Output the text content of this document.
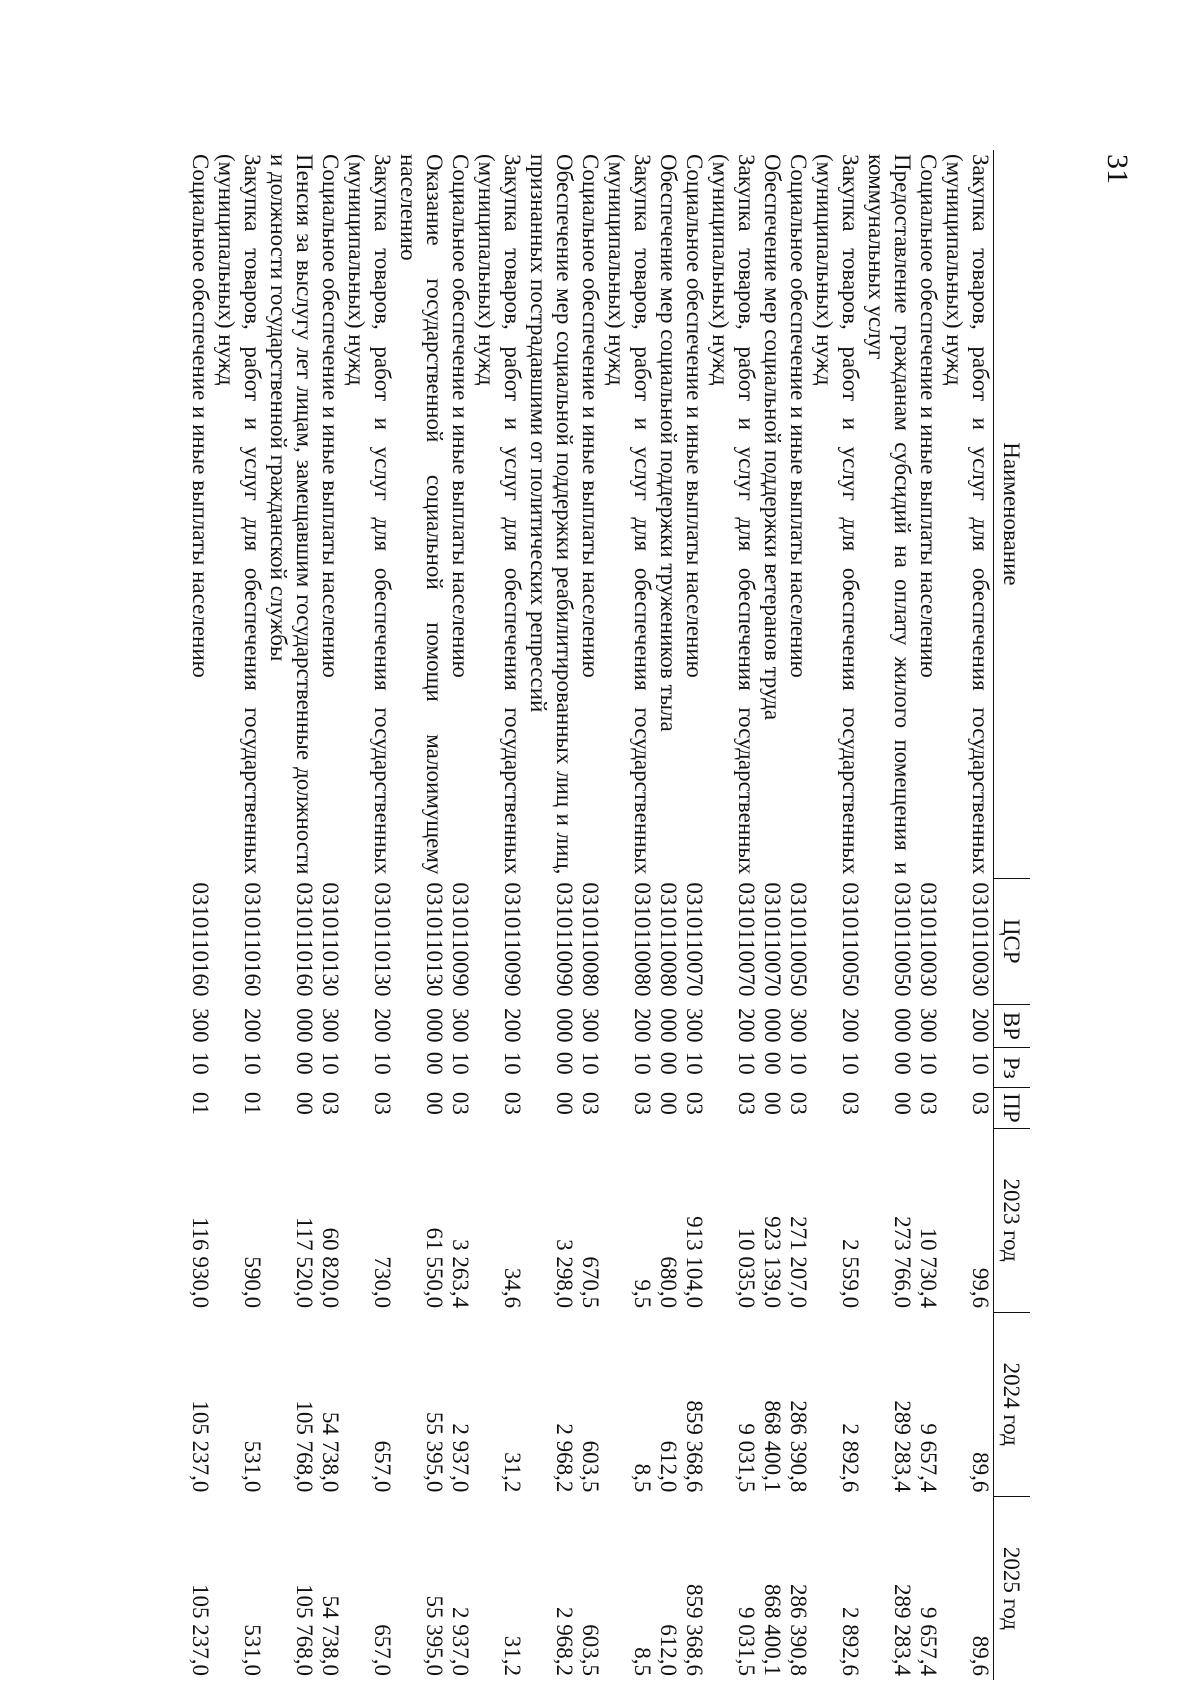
31
Наименование	ЦСР	ВР	Рз	ПР	2023 год	2024 год	2025 год
Закупка товаров, работ и услуг для обеспечения государственных (муниципальных) нужд	0310110030	200	10	03	99,6	89,6	89,6
Социальное обеспечение и иные выплаты населению	0310110030	300	10	03	10 730,4	9 657,4	9 657,4
Предоставление гражданам субсидий на оплату жилого помещения и коммунальных услуг	0310110050	000	00	00	273 766,0	289 283,4	289 283,4
Закупка товаров, работ и услуг для обеспечения государственных (муниципальных) нужд	0310110050	200	10	03	2 559,0	2 892,6	2 892,6
Социальное обеспечение и иные выплаты населению	0310110050	300	10	03	271 207,0	286 390,8	286 390,8
Обеспечение мер социальной поддержки ветеранов труда	0310110070	000	00	00	923 139,0	868 400,1	868 400,1
Закупка товаров, работ и услуг для обеспечения государственных (муниципальных) нужд	0310110070	200	10	03	10 035,0	9 031,5	9 031,5
Социальное обеспечение и иные выплаты населению	0310110070	300	10	03	913 104,0	859 368,6	859 368,6
Обеспечение мер социальной поддержки тружеников тыла	0310110080	000	00	00	680,0	612,0	612,0
Закупка товаров, работ и услуг для обеспечения государственных (муниципальных) нужд	0310110080	200	10	03	9,5	8,5	8,5
Социальное обеспечение и иные выплаты населению	0310110080	300	10	03	670,5	603,5	603,5
Обеспечение мер социальной поддержки реабилитированных лиц и лиц, признанных пострадавшими от политических репрессий	0310110090	000	00	00	3 298,0	2 968,2	2 968,2
Закупка товаров, работ и услуг для обеспечения государственных (муниципальных) нужд	0310110090	200	10	03	34,6	31,2	31,2
Социальное обеспечение и иные выплаты населению	0310110090	300	10	03	3 263,4	2 937,0	2 937,0
Оказание государственной социальной помощи малоимущему населению	0310110130	000	00	00	61 550,0	55 395,0	55 395,0
Закупка товаров, работ и услуг для обеспечения государственных (муниципальных) нужд	0310110130	200	10	03	730,0	657,0	657,0
Социальное обеспечение и иные выплаты населению	0310110130	300	10	03	60 820,0	54 738,0	54 738,0
Пенсия за выслугу лет лицам, замещавшим государственные должности и должности государственной гражданской службы	0310110160	000	00	00	117 520,0	105 768,0	105 768,0
Закупка товаров, работ и услуг для обеспечения государственных (муниципальных) нужд	0310110160	200	10	01	590,0	531,0	531,0
Социальное обеспечение и иные выплаты населению	0310110160	300	10	01	116 930,0	105 237,0	105 237,0
